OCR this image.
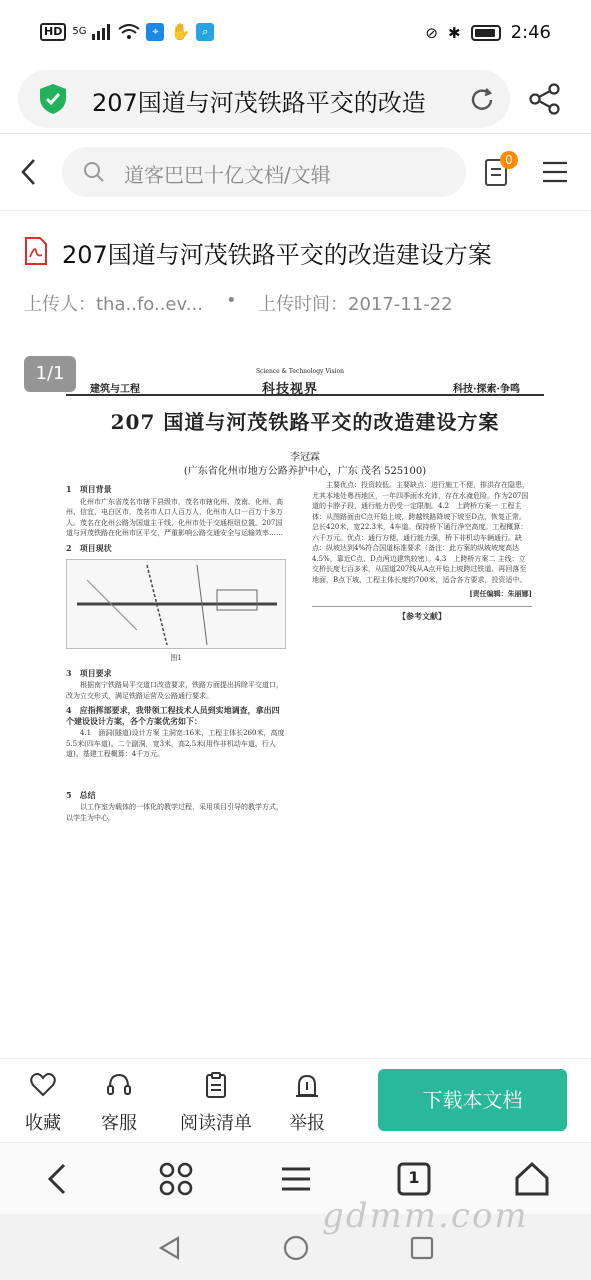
HD	5G	⌖ ✋	⌕	⊘ ✱	2:46
207国道与河茂铁路平交的改造
道客巴巴十亿文档/文辑
0
207国道与河茂铁路平交的改造建设方案
上传人：tha..fo..ev... • 上传时间：2017-11-22
建筑与工程
Science & Technology Vision
科技视界	科技·探索·争鸣
207 国道与河茂铁路平交的改造建设方案
李冠霖
(广东省化州市地方公路养护中心，广东 茂名 525100)
1　项目背景
化州市广东省茂名市辖下县级市，茂名市辖化州、茂南、化州、高州、信宜、电白区市，茂名市人口人百万人，化州市人口一百万十多万人。茂名在化州公路为国道主干线，化州市处于交通枢纽位置。207国道与河茂铁路在化州市区平交，严重影响公路交通安全与运输效率……
2　项目现状
图1
3　项目要求
根据南宁铁路局平交道口改造要求，铁路方面提出拆除平交道口，改为立交形式，满足铁路运营及公路通行要求。
4　应指挥部要求，我带领工程技术人员到实地调查，拿出四个建设设计方案，各个方案优劣如下：
4.1　涵洞(隧道)设计方案 主洞宽:16米，工程主体长260米，高度5.5米(四车道)。二个副洞，宽3米，高2.5米(用作非机动车道、行人道)。基建工程概算：4千万元。
5　总结
以工作室为载体的一体化的教学过程，采用项目引导的教学方式，以学生为中心。
主要优点：投资较低。主要缺点：进行施工不便，排洪存在隐患，尤其本地处粤西地区，一年四季雨水充沛，存在水淹危险。作为207国道的卡脖子段，通行能力仍受一定限制。4.2　上跨桥方案一 工程主体：从图路面由C点开始上坡，跨越铁路降坡下坡至D点，恢复正常。总长420米，宽22.3米，4车道。保持桥下通行净空高度。工程概算：六千万元。优点：通行方便，通行能力强，桥下非机动车辆通行。缺点：纵坡达到4%符合国道标准要求（备注：此方案的纵坡坡度高达4.5%，靠近C点、D点两边建筑较密）。4.3　上跨桥方案二 主线：立交桥长度七百多米，从国道207线从A点开始上坡跨过铁道、再回落至地面，B点下坡，工程主体长度约700米，适合各方要求，投资适中。
[责任编辑：朱丽娜]
【参考文献】
1/1
收藏	客服	阅读清单	举报
下载本文档
1
gdmm.com
